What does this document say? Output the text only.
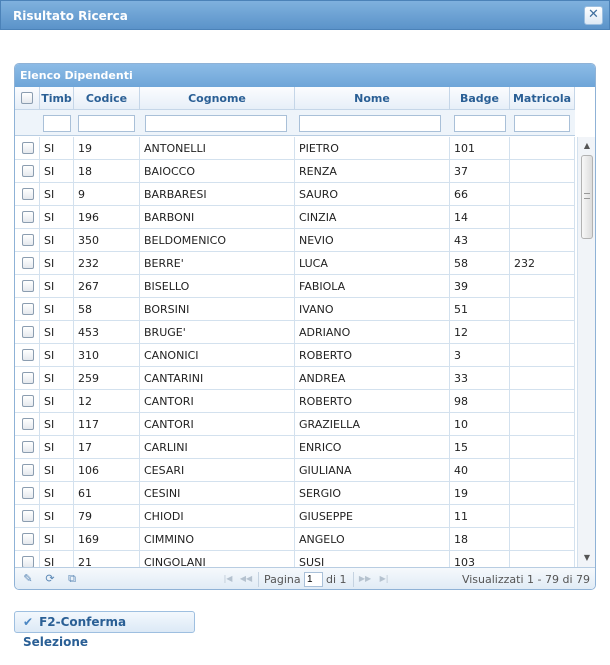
Risultato Ricerca	✕
Elenco Dipendenti
Timb	Codice	Cognome	Nome	Badge	Matricola
SI	19	ANTONELLI	PIETRO	101
SI	18	BAIOCCO	RENZA	37
SI	9	BARBARESI	SAURO	66
SI	196	BARBONI	CINZIA	14
SI	350	BELDOMENICO	NEVIO	43
SI	232	BERRE'	LUCA	58	232
SI	267	BISELLO	FABIOLA	39
SI	58	BORSINI	IVANO	51
SI	453	BRUGE'	ADRIANO	12
SI	310	CANONICI	ROBERTO	3
SI	259	CANTARINI	ANDREA	33
SI	12	CANTORI	ROBERTO	98
SI	117	CANTORI	GRAZIELLA	10
SI	17	CARLINI	ENRICO	15
SI	106	CESARI	GIULIANA	40
SI	61	CESINI	SERGIO	19
SI	79	CHIODI	GIUSEPPE	11
SI	169	CIMMINO	ANGELO	18
SI	21	CINGOLANI	SUSI	103
▲
▼
✎ ⟳ ⧉	|◀ ◀◀ Pagina
1 di 1 ▶▶	▶|	Visualizzati 1 - 79 di 79
✔ F2-Conferma Selezione
